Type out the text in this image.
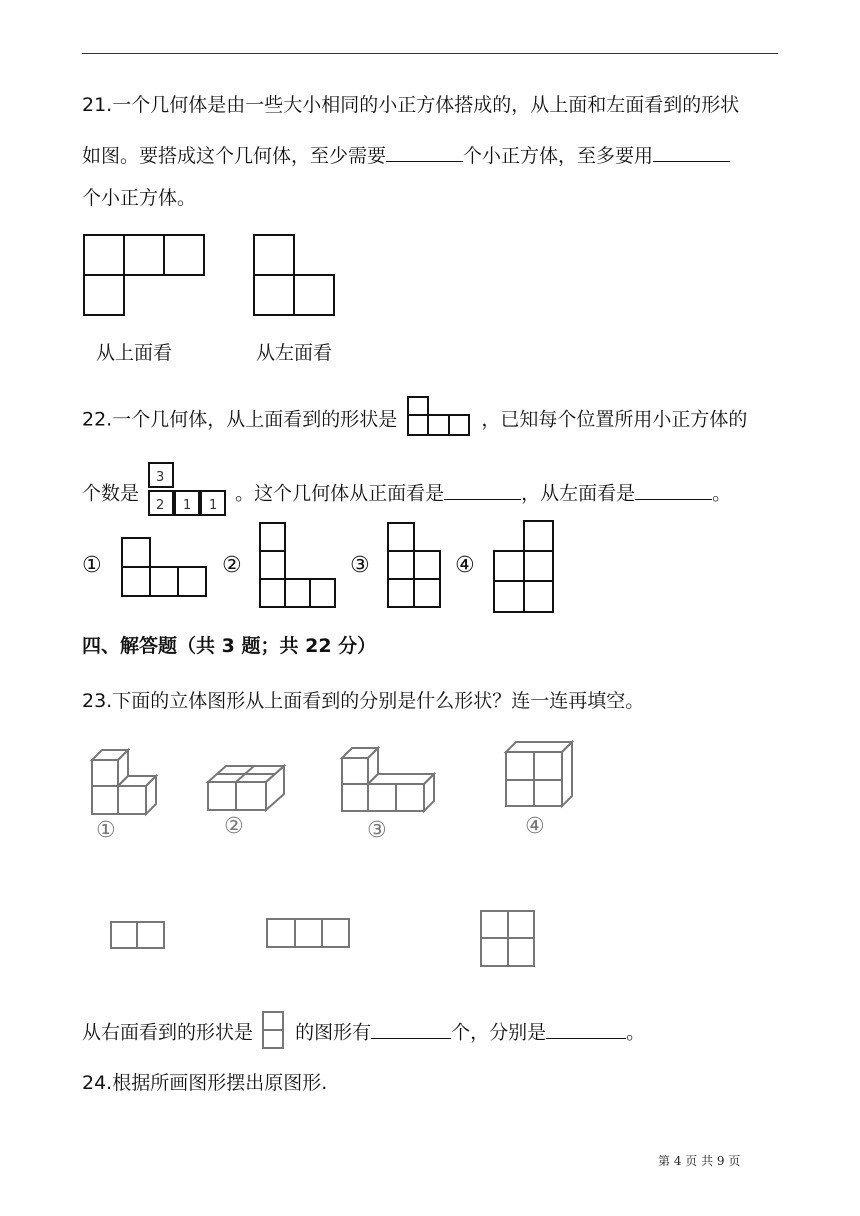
21.一个几何体是由一些大小相同的小正方体搭成的，从上面和左面看到的形状
如图。要搭成这个几何体，至少需要	个小正方体，至多要用
个小正方体。
从上面看	从左面看
22.一个几何体，从上面看到的形状是	，已知每个位置所用小正方体的
个数是
3
2 1 1
。这个几何体从正面看是	，从左面看是	。
①	②	③	④
四、解答题（共 3 题；共 22 分）
23.下面的立体图形从上面看到的分别是什么形状？连一连再填空。
①	②	③	④
从右面看到的形状是 的图形有	个，分别是	。
24.根据所画图形摆出原图形.
第 4 页 共 9 页
